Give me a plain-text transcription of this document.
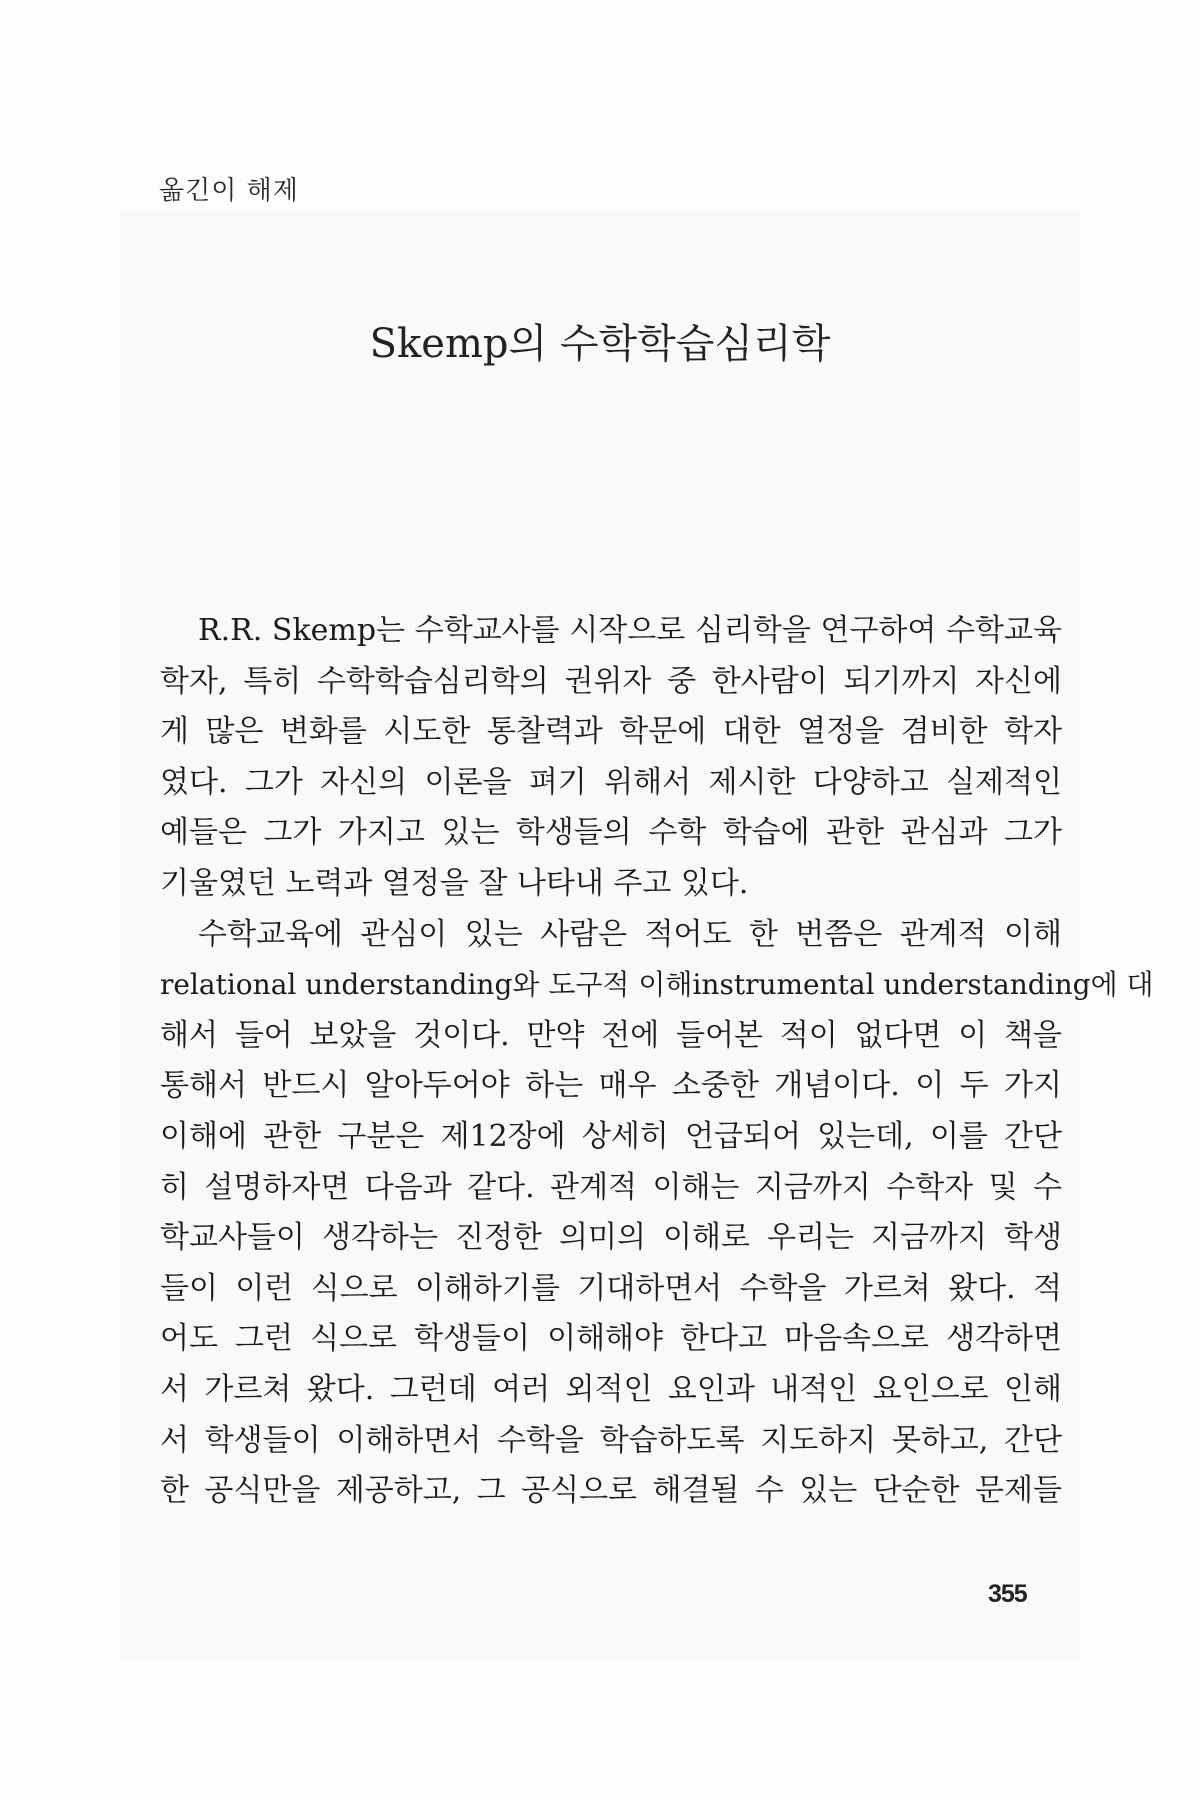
옮긴이 해제
Skemp의 수학학습심리학
R.R. Skemp는 수학교사를 시작으로 심리학을 연구하여 수학교육
학자, 특히 수학학습심리학의 권위자 중 한사람이 되기까지 자신에
게 많은 변화를 시도한 통찰력과 학문에 대한 열정을 겸비한 학자
였다. 그가 자신의 이론을 펴기 위해서 제시한 다양하고 실제적인
예들은 그가 가지고 있는 학생들의 수학 학습에 관한 관심과 그가
기울였던 노력과 열정을 잘 나타내 주고 있다.
수학교육에 관심이 있는 사람은 적어도 한 번쯤은 관계적 이해
relational understanding와 도구적 이해instrumental understanding에 대
해서 들어 보았을 것이다. 만약 전에 들어본 적이 없다면 이 책을
통해서 반드시 알아두어야 하는 매우 소중한 개념이다. 이 두 가지
이해에 관한 구분은 제12장에 상세히 언급되어 있는데, 이를 간단
히 설명하자면 다음과 같다. 관계적 이해는 지금까지 수학자 및 수
학교사들이 생각하는 진정한 의미의 이해로 우리는 지금까지 학생
들이 이런 식으로 이해하기를 기대하면서 수학을 가르쳐 왔다. 적
어도 그런 식으로 학생들이 이해해야 한다고 마음속으로 생각하면
서 가르쳐 왔다. 그런데 여러 외적인 요인과 내적인 요인으로 인해
서 학생들이 이해하면서 수학을 학습하도록 지도하지 못하고, 간단
한 공식만을 제공하고, 그 공식으로 해결될 수 있는 단순한 문제들
355
